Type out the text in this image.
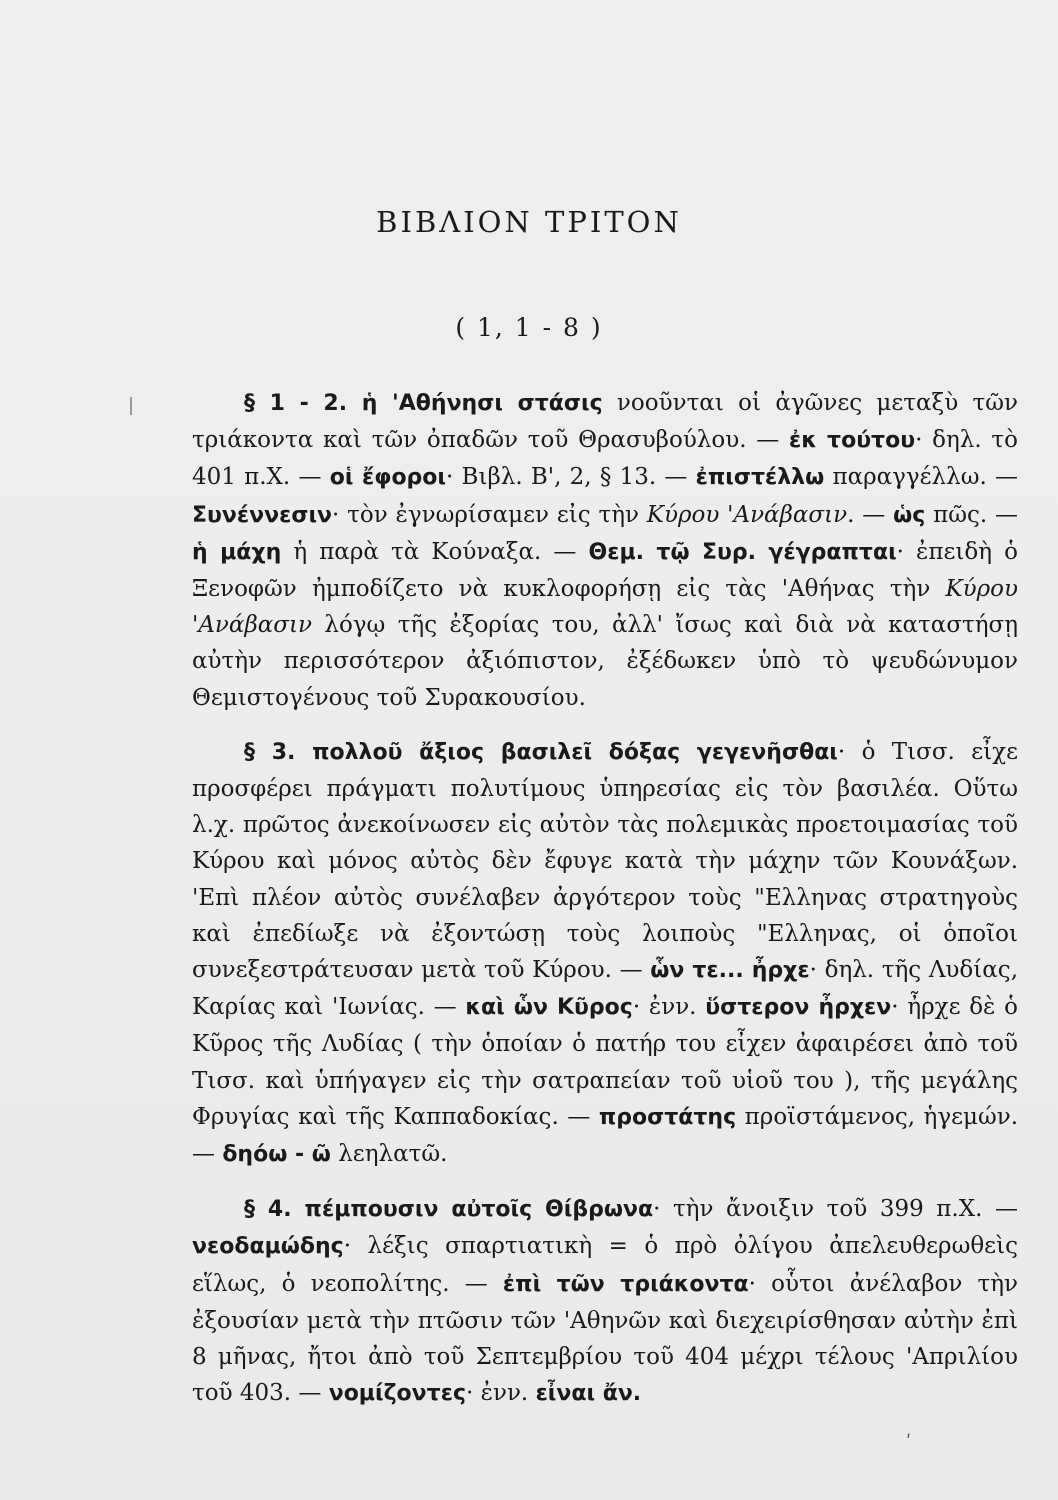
ΒΙΒΛΙΟΝ ΤΡΙΤΟΝ
( 1, 1 - 8 )

§ 1 - 2. ἡ 'Αθήνησι στάσις νοοῦνται οἱ ἀγῶνες μεταξὺ τῶν τριάκοντα καὶ τῶν ὀπαδῶν τοῦ Θρασυβούλου. — ἐκ τούτου· δηλ. τὸ 401 π.Χ. — οἱ ἔφοροι· Βιβλ. Β', 2, § 13. — ἐπιστέλλω παραγγέλλω. — Συνέννεσιν· τὸν ἐγνωρίσαμεν εἰς τὴν Κύρου 'Ανάβασιν. — ὡς πῶς. — ἡ μάχη ἡ παρὰ τὰ Κούναξα. — Θεμ. τῷ Συρ. γέγραπται· ἐπειδὴ ὁ Ξενοφῶν ἠμποδίζετο νὰ κυκλοφορήσῃ εἰς τὰς 'Αθήνας τὴν Κύρου 'Ανάβασιν λόγῳ τῆς ἐξορίας του, ἀλλ' ἴσως καὶ διὰ νὰ καταστήσῃ αὐτὴν περισσότερον ἀξιόπιστον, ἐξέδωκεν ὑπὸ τὸ ψευδώνυμον Θεμιστογένους τοῦ Συρακουσίου.

§ 3. πολλοῦ ἄξιος βασιλεῖ δόξας γεγενῆσθαι· ὁ Τισσ. εἶχε προσφέρει πράγματι πολυτίμους ὑπηρεσίας εἰς τὸν βασιλέα. Οὕτω λ.χ. πρῶτος ἀνεκοίνωσεν εἰς αὐτὸν τὰς πολεμικὰς προετοιμασίας τοῦ Κύρου καὶ μόνος αὐτὸς δὲν ἔφυγε κατὰ τὴν μάχην τῶν Κουνάξων. 'Επὶ πλέον αὐτὸς συνέλαβεν ἀργότερον τοὺς "Ελληνας στρατηγοὺς καὶ ἐπεδίωξε νὰ ἐξοντώσῃ τοὺς λοιποὺς "Ελληνας, οἱ ὁποῖοι συνεξεστράτευσαν μετὰ τοῦ Κύρου. — ὧν τε... ἦρχε· δηλ. τῆς Λυδίας, Καρίας καὶ 'Ιωνίας. — καὶ ὧν Κῦρος· ἐνν. ὕστερον ἦρχεν· ἦρχε δὲ ὁ Κῦρος τῆς Λυδίας ( τὴν ὁποίαν ὁ πατήρ του εἶχεν ἀφαιρέσει ἀπὸ τοῦ Τισσ. καὶ ὑπήγαγεν εἰς τὴν σατραπείαν τοῦ υἱοῦ του ), τῆς μεγάλης Φρυγίας καὶ τῆς Καππαδοκίας. — προστάτης προϊστάμενος, ἡγεμών. — δηόω - ῶ λεηλατῶ.

§ 4. πέμπουσιν αὐτοῖς Θίβρωνα· τὴν ἄνοιξιν τοῦ 399 π.Χ. — νεοδαμώδης· λέξις σπαρτιατικὴ = ὁ πρὸ ὀλίγου ἀπελευθερωθεὶς εἵλως, ὁ νεοπολίτης. — ἐπὶ τῶν τριάκοντα· οὗτοι ἀνέλαβον τὴν ἐξουσίαν μετὰ τὴν πτῶσιν τῶν 'Αθηνῶν καὶ διεχειρίσθησαν αὐτὴν ἐπὶ 8 μῆνας, ἤτοι ἀπὸ τοῦ Σεπτεμβρίου τοῦ 404 μέχρι τέλους 'Απριλίου τοῦ 403. — νομίζοντες· ἐνν. εἶναι ἄν.

ʹ
